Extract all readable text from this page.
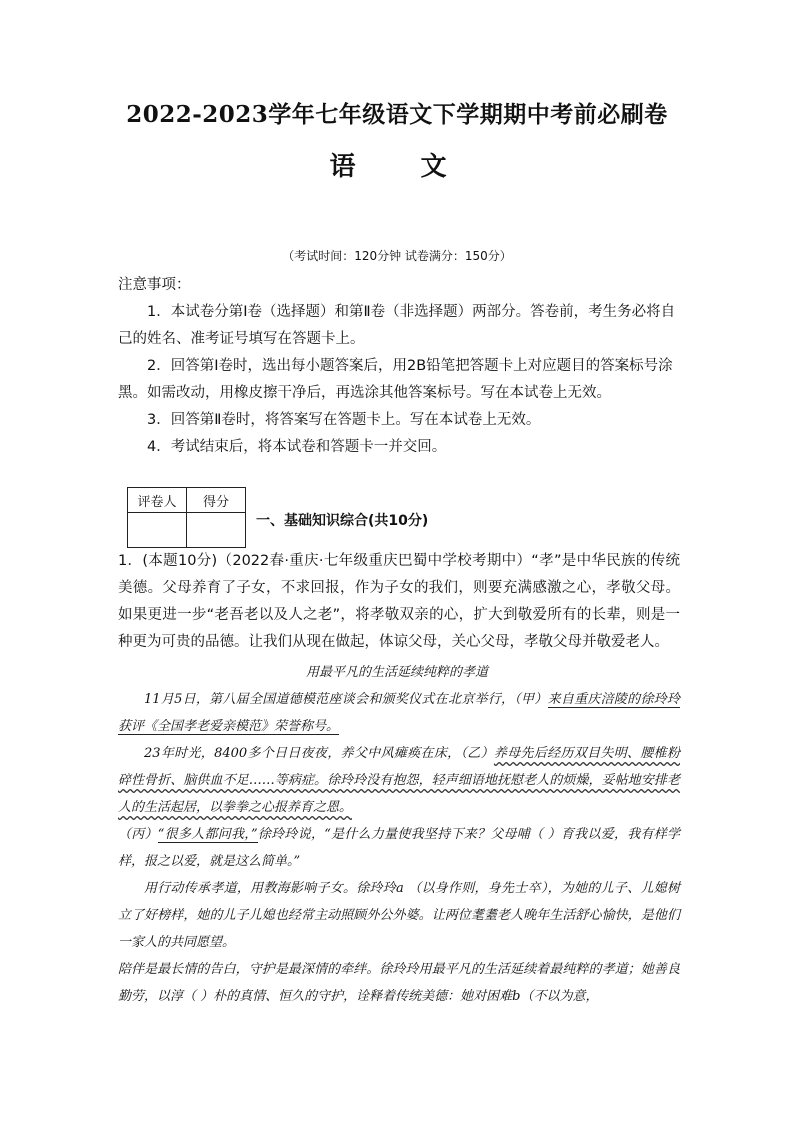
2022-2023学年七年级语文下学期期中考前必刷卷
语 文
（考试时间：120分钟 试卷满分：150分）

注意事项：

1．本试卷分第Ⅰ卷（选择题）和第Ⅱ卷（非选择题）两部分。答卷前，考生务必将自己的姓名、准考证号填写在答题卡上。

2．回答第Ⅰ卷时，选出每小题答案后，用2B铅笔把答题卡上对应题目的答案标号涂黑。如需改动，用橡皮擦干净后，再选涂其他答案标号。写在本试卷上无效。

3．回答第Ⅱ卷时，将答案写在答题卡上。写在本试卷上无效。

4．考试结束后，将本试卷和答题卡一并交回。

评卷人	得分

一、基础知识综合(共10分)

1．(本题10分)（2022春·重庆·七年级重庆巴蜀中学校考期中）“孝”是中华民族的传统美德。父母养育了子女，不求回报，作为子女的我们，则要充满感激之心，孝敬父母。如果更进一步“老吾老以及人之老”，将孝敬双亲的心，扩大到敬爱所有的长辈，则是一种更为可贵的品德。让我们从现在做起，体谅父母，关心父母，孝敬父母并敬爱老人。

用最平凡的生活延续纯粹的孝道

11月5日，第八届全国道德模范座谈会和颁奖仪式在北京举行，（甲）来自重庆涪陵的徐玲玲获评《全国孝老爱亲模范》荣誉称号。

23年时光，8400多个日日夜夜，养父中风瘫痪在床，（乙）养母先后经历双目失明、腰椎粉碎性骨折、脑供血不足……等病症。徐玲玲没有抱怨，轻声细语地抚慰老人的烦燥，妥帖地安排老人的生活起居，以拳拳之心报养育之恩。

（丙）“很多人都问我，”徐玲玲说，“是什么力量使我坚持下来？父母哺（ ）育我以爱，我有样学样，报之以爱，就是这么简单。”

用行动传承孝道，用教海影响子女。徐玲玲a （以身作则，身先士卒），为她的儿子、儿媳树立了好榜样，她的儿子儿媳也经常主动照顾外公外婆。让两位耄耋老人晚年生活舒心愉快，是他们一家人的共同愿望。

陪伴是最长情的告白，守护是最深情的牵绊。徐玲玲用最平凡的生活延续着最纯粹的孝道；她善良勤劳，以淳（ ）朴的真情、恒久的守护，诠释着传统美德：她对困难b（不以为意，
